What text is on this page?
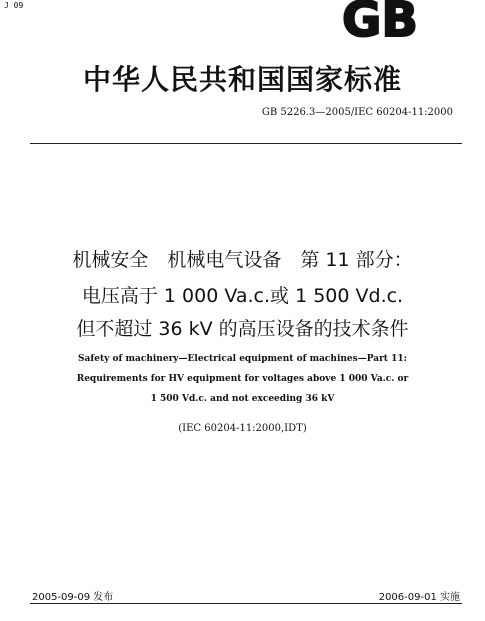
J 09	GB
中华人民共和国国家标准
GB 5226.3—2005/IEC 60204-11:2000
机械安全　机械电气设备　第 11 部分：
电压高于 1 000 Va.c.或 1 500 Vd.c.
但不超过 36 kV 的高压设备的技术条件
Safety of machinery—Electrical equipment of machines—Part 11:
Requirements for HV equipment for voltages above 1 000 Va.c. or
1 500 Vd.c. and not exceeding 36 kV
(IEC 60204-11:2000,IDT)
2005-09-09 发布	2006-09-01 实施
